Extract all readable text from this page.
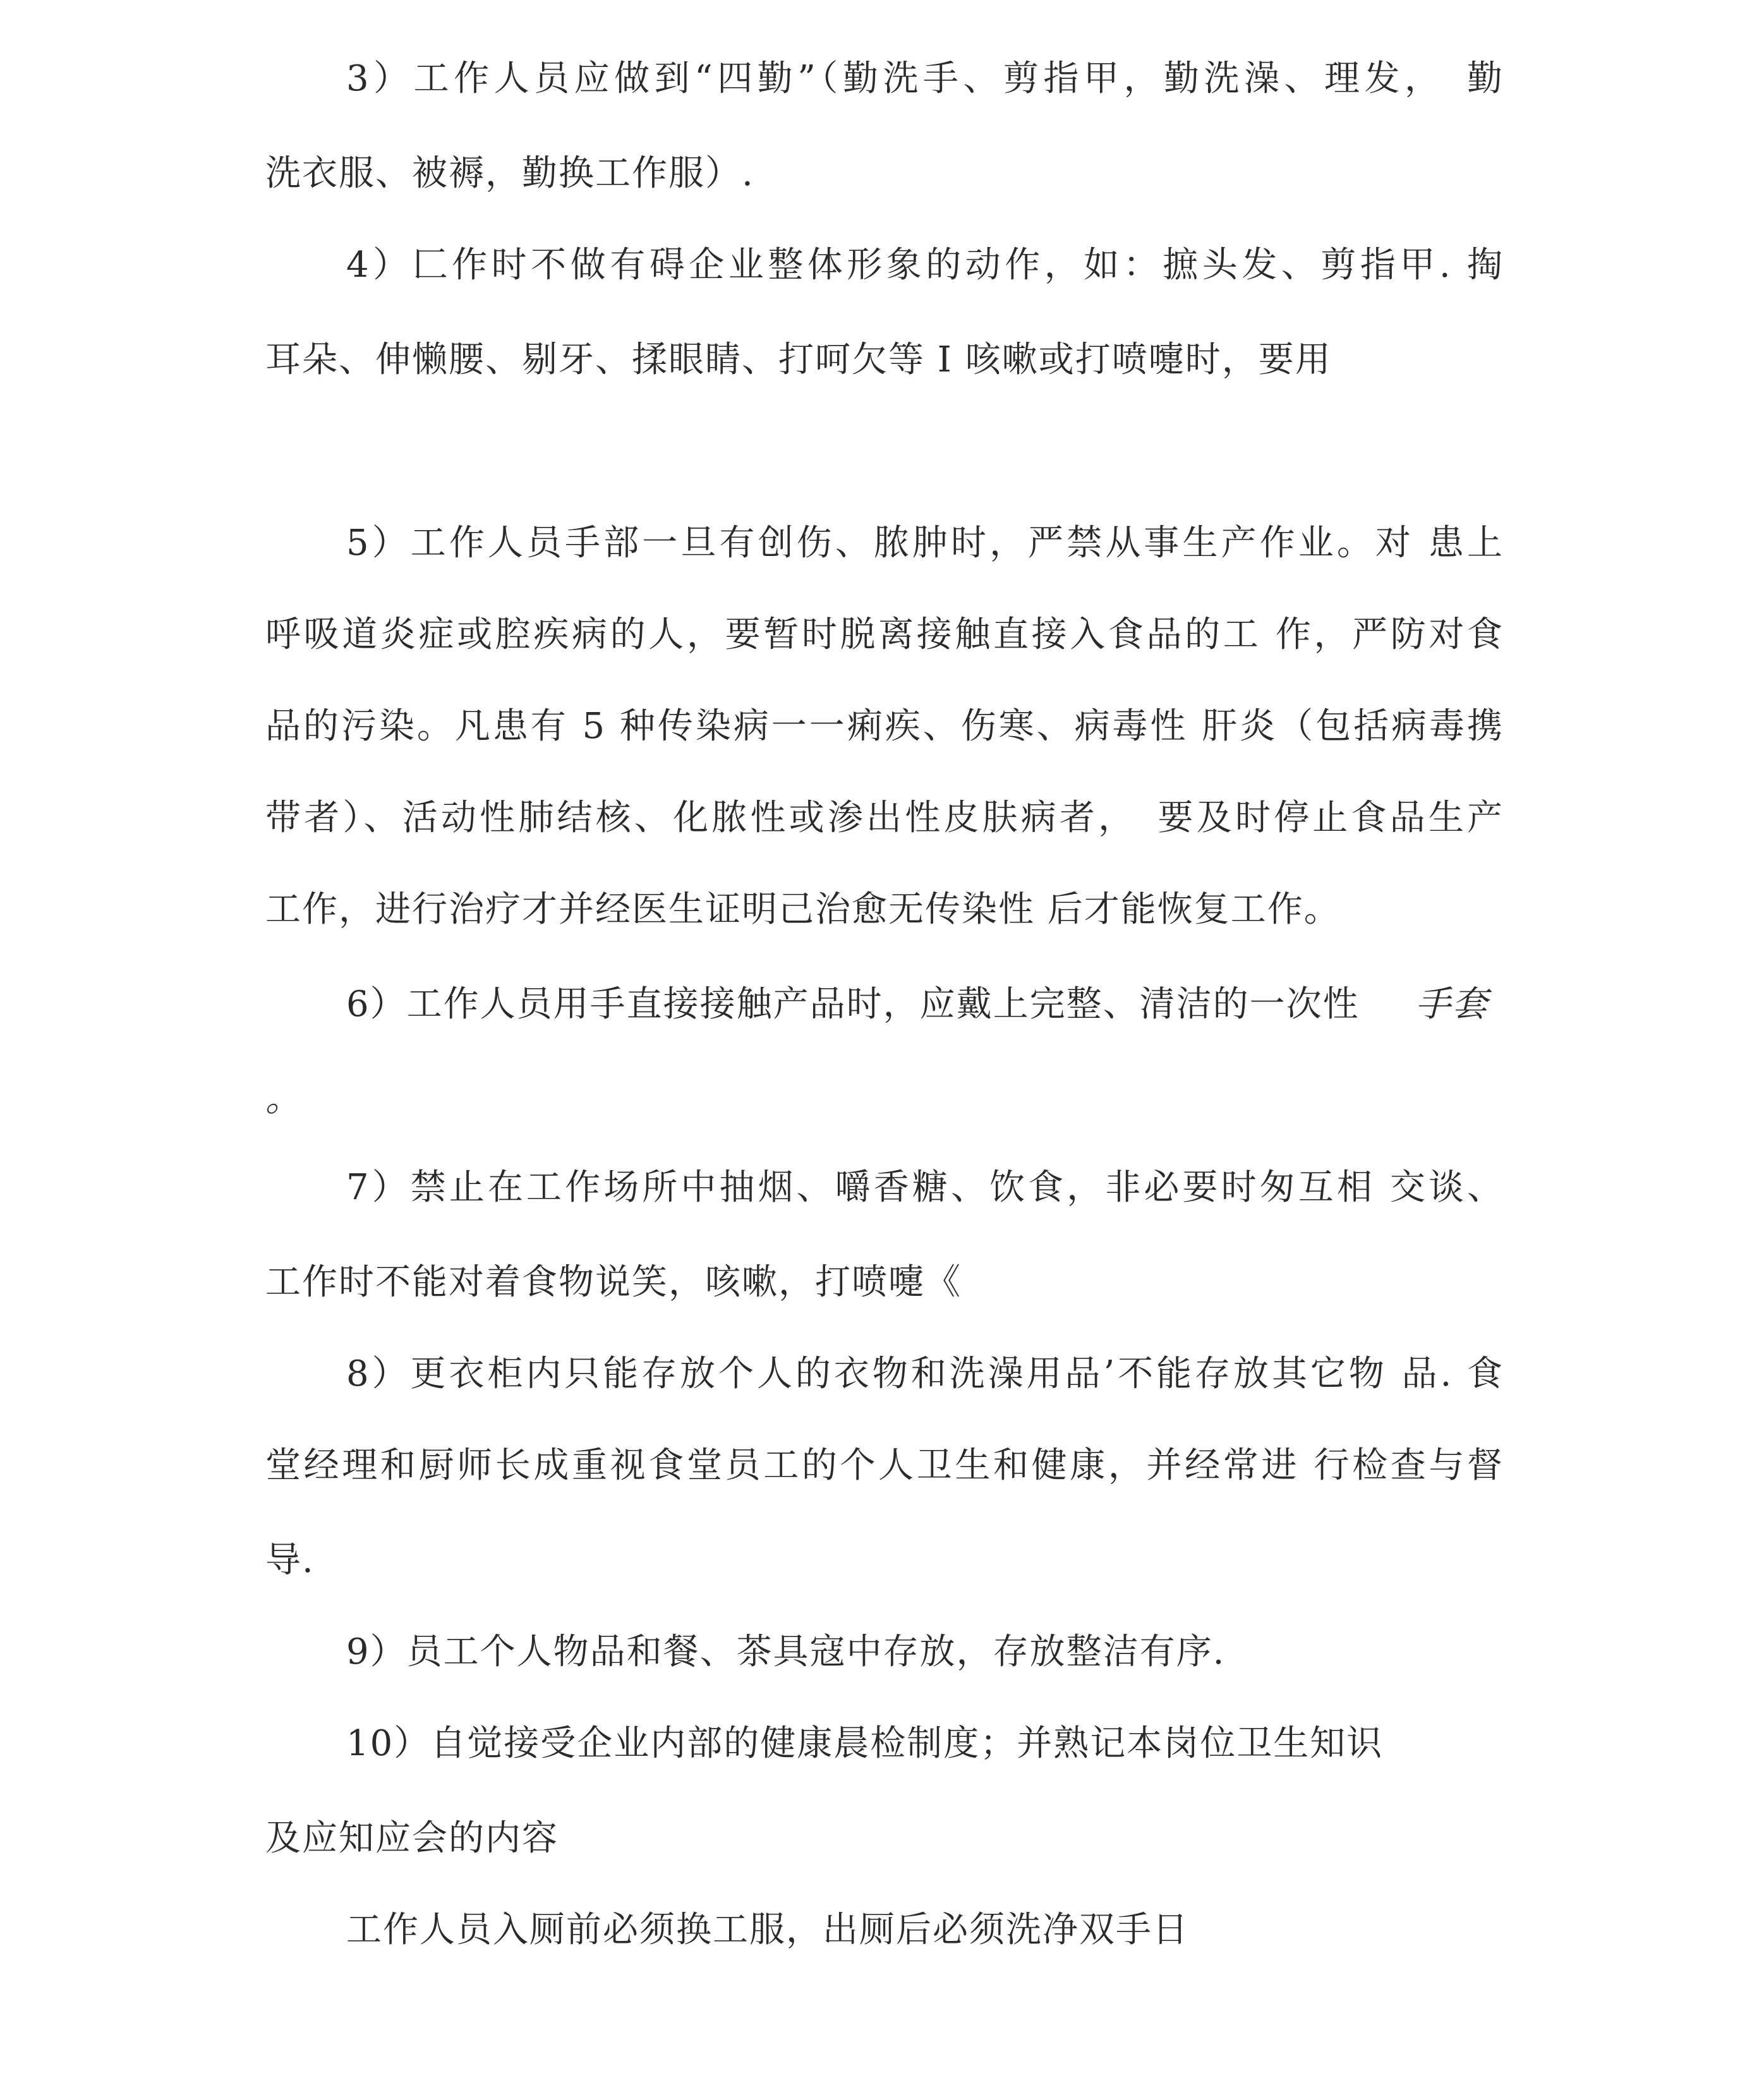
3）工作人员应做到“四勤”（勤洗手、剪指甲，勤洗澡、理发，　勤
洗衣服、被褥，勤换工作服）.
4）匚作时不做有碍企业整体形象的动作，如：摭头发、剪指甲. 掏
耳朵、伸懒腰、剔牙、揉眼睛、打呵欠等 I 咳嗽或打喷嚏时，要用
5）工作人员手部一旦有创伤、脓肿时，严禁从事生产作业。对 患上
呼吸道炎症或腔疾病的人，要暂时脱离接触直接入食品的工 作，严防对食
品的污染。凡患有 5 种传染病一一痢疾、伤寒、病毒性 肝炎（包括病毒携
带者）、活动性肺结核、化脓性或渗出性皮肤病者，　要及时停止食品生产
工作，进行治疗才并经医生证明己治愈无传染性 后才能恢复工作。
6）工作人员用手直接接触产品时，应戴上完整、清洁的一次性	手套
。
7）禁止在工作场所中抽烟、嚼香糖、饮食，非必要时匆互相 交谈、
工作时不能对着食物说笑，咳嗽，打喷嚏《
8）更衣柜内只能存放个人的衣物和洗澡用品’不能存放其它物 品. 食
堂经理和厨师长成重视食堂员工的个人卫生和健康，并经常进 行检查与督
导.
9）员工个人物品和餐、茶具寇中存放，存放整洁有序.
10）自觉接受企业内部的健康晨检制度；并熟记本岗位卫生知识
及应知应会的内容
工作人员入厕前必须换工服，出厕后必须洗净双手日
